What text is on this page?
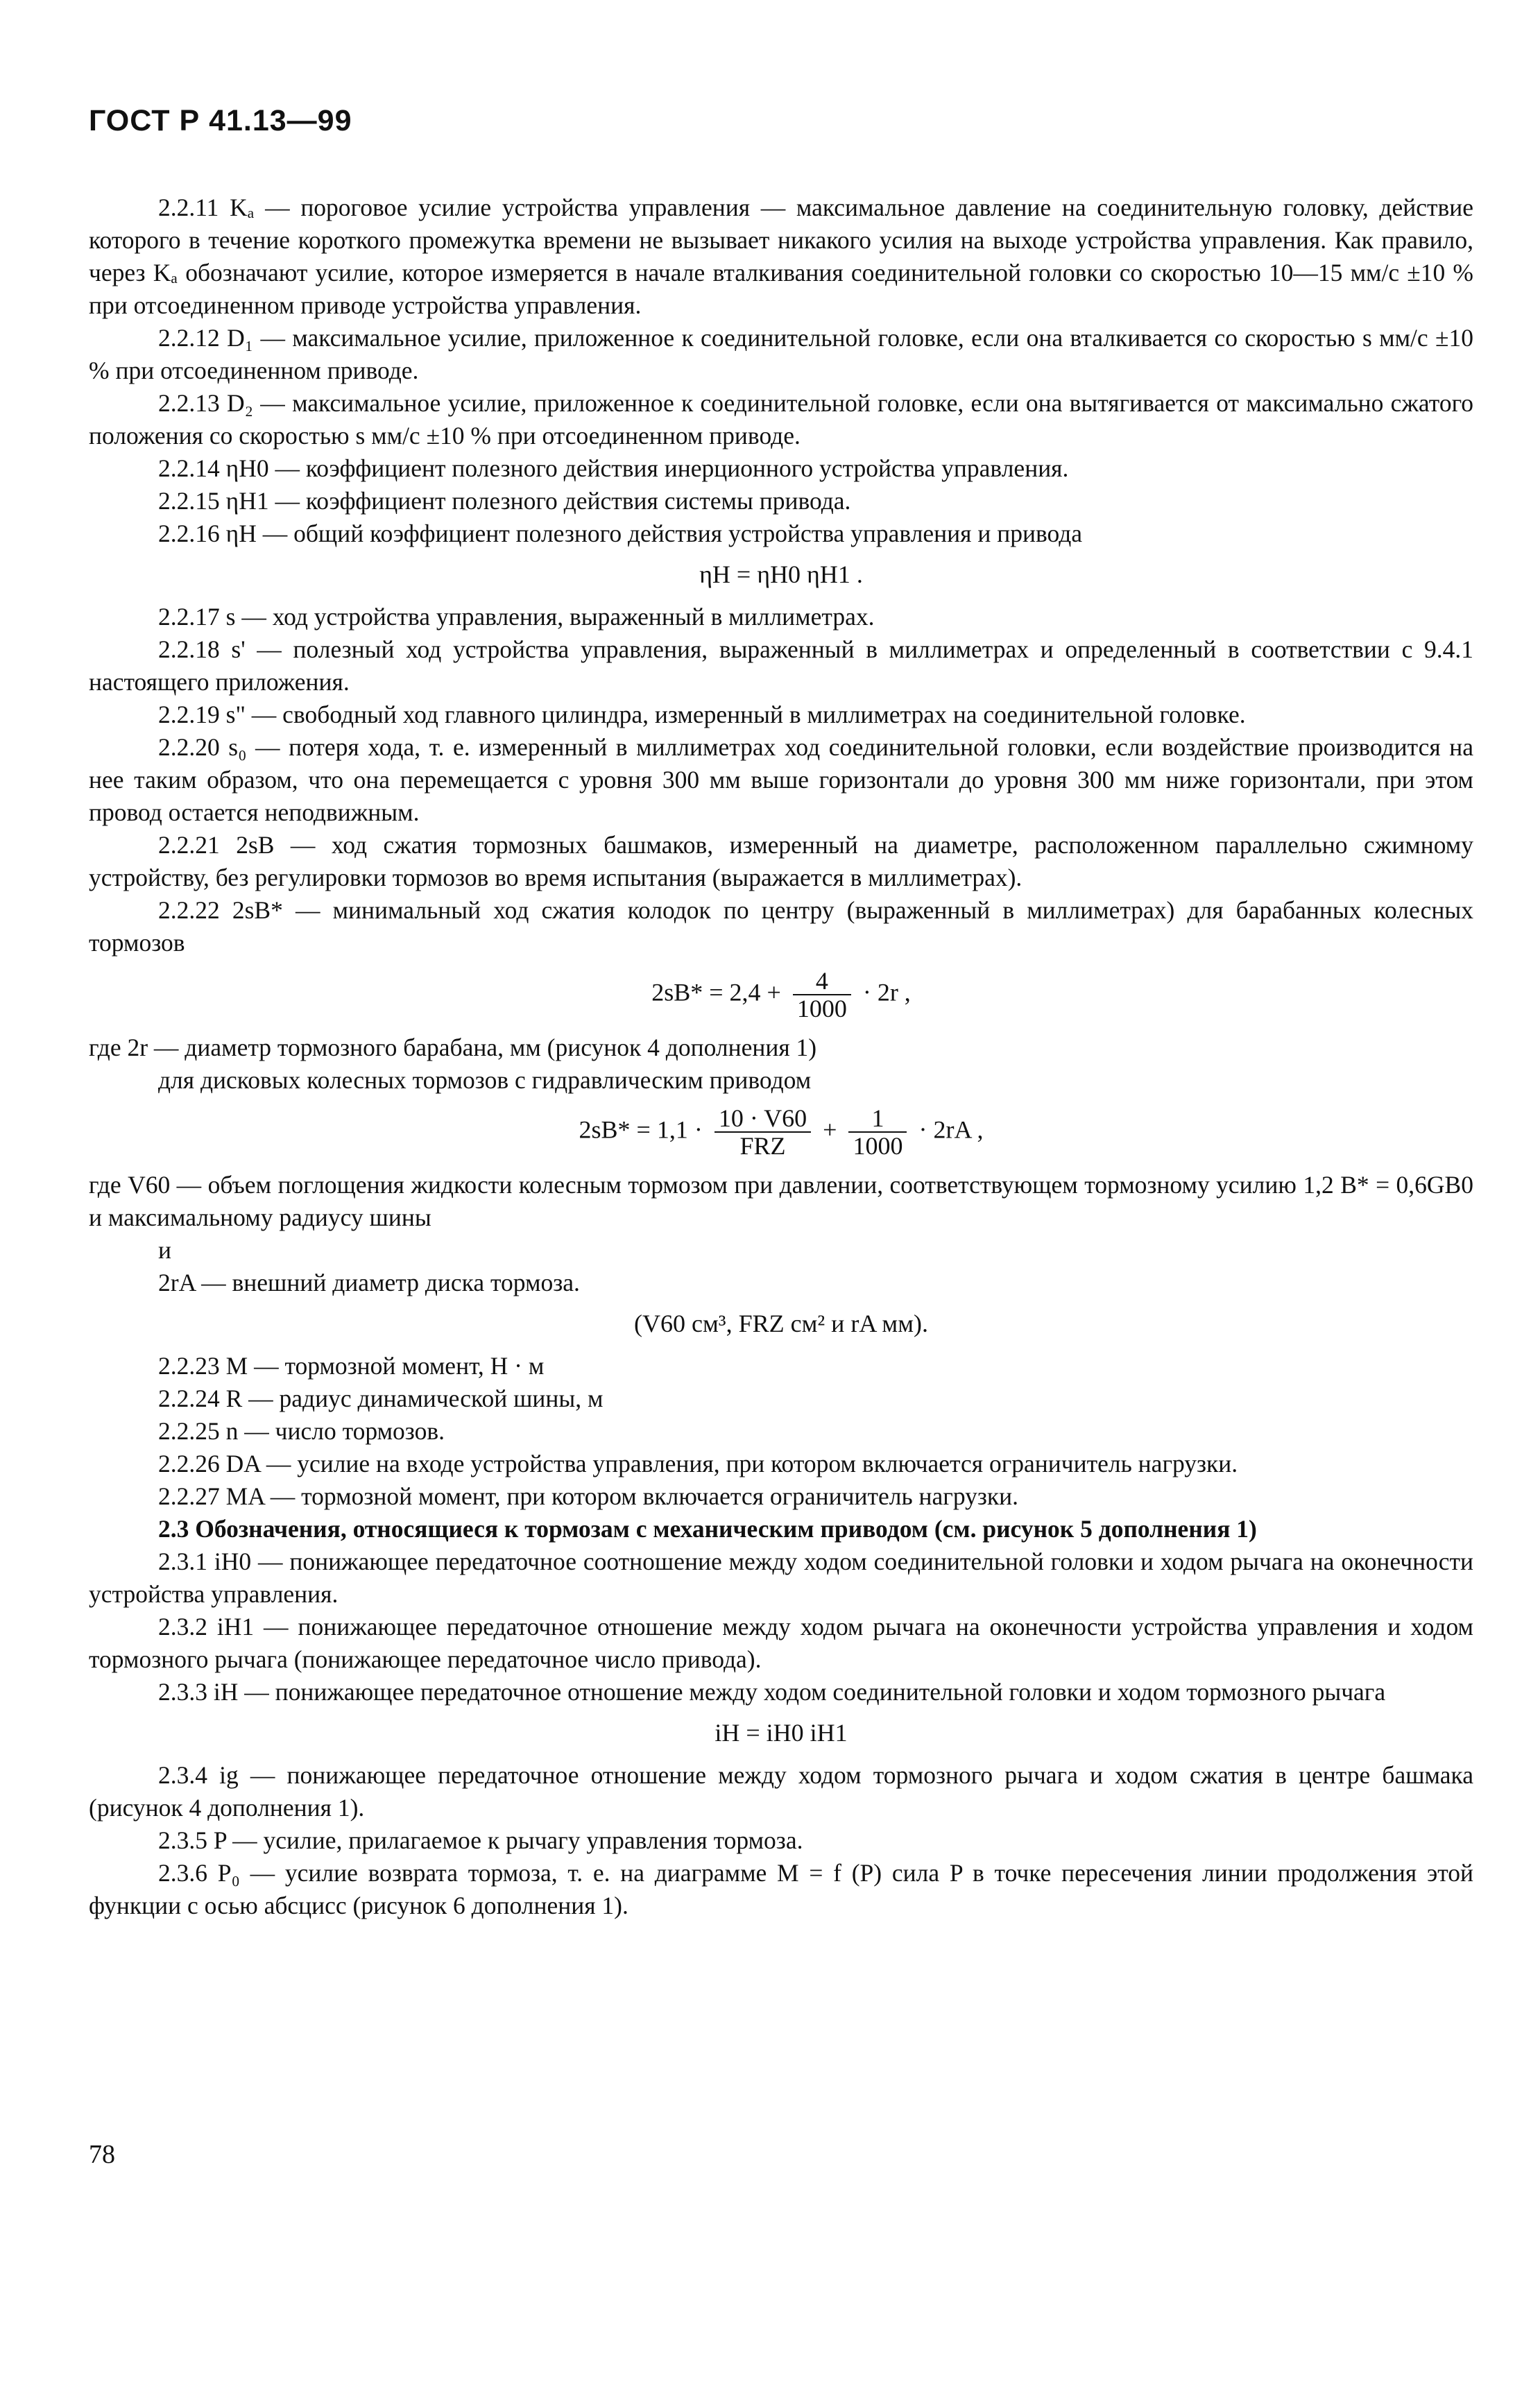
ГОСТ Р 41.13—99

2.2.11 Kₐ — пороговое усилие устройства управления — максимальное давление на соединительную головку, действие которого в течение короткого промежутка времени не вызывает никакого усилия на выходе устройства управления. Как правило, через Kₐ обозначают усилие, которое измеряется в начале вталкивания соединительной головки со скоростью 10—15 мм/с ±10 % при отсоединенном приводе устройства управления.

2.2.12 D₁ — максимальное усилие, приложенное к соединительной головке, если она вталкивается со скоростью s мм/с ±10 % при отсоединенном приводе.

2.2.13 D₂ — максимальное усилие, приложенное к соединительной головке, если она вытягивается от максимально сжатого положения со скоростью s мм/с ±10 % при отсоединенном приводе.

2.2.14 ηH0 — коэффициент полезного действия инерционного устройства управления.

2.2.15 ηH1 — коэффициент полезного действия системы привода.

2.2.16 ηH — общий коэффициент полезного действия устройства управления и привода

ηH = ηH0 ηH1 .

2.2.17 s — ход устройства управления, выраженный в миллиметрах.

2.2.18 s' — полезный ход устройства управления, выраженный в миллиметрах и определенный в соответствии с 9.4.1 настоящего приложения.

2.2.19 s" — свободный ход главного цилиндра, измеренный в миллиметрах на соединительной головке.

2.2.20 s₀ — потеря хода, т. е. измеренный в миллиметрах ход соединительной головки, если воздействие производится на нее таким образом, что она перемещается с уровня 300 мм выше горизонтали до уровня 300 мм ниже горизонтали, при этом провод остается неподвижным.

2.2.21 2sB — ход сжатия тормозных башмаков, измеренный на диаметре, расположенном параллельно сжимному устройству, без регулировки тормозов во время испытания (выражается в миллиметрах).

2.2.22 2sB* — минимальный ход сжатия колодок по центру (выраженный в миллиметрах) для барабанных колесных тормозов

$2sB* = 2,4 + \frac{4}{1000} \cdot 2r$ ,

где 2r — диаметр тормозного барабана, мм (рисунок 4 дополнения 1)

для дисковых колесных тормозов с гидравлическим приводом

$2sB* = 1,1 \cdot \frac{10 \cdot V60}{\text{FRZ}} + \frac{1}{1000} \cdot 2rA$ ,

где V60 — объем поглощения жидкости колесным тормозом при давлении, соответствующем тормозному усилию 1,2 B* = 0,6GB0 и максимальному радиусу шины

и

2rA — внешний диаметр диска тормоза.

(V60 см³, FRZ см² и rA мм).

2.2.23 M — тормозной момент, Н · м

2.2.24 R — радиус динамической шины, м

2.2.25 n — число тормозов.

2.2.26 DA — усилие на входе устройства управления, при котором включается ограничитель нагрузки.

2.2.27 MA — тормозной момент, при котором включается ограничитель нагрузки.

2.3 Обозначения, относящиеся к тормозам с механическим приводом (см. рисунок 5 дополнения 1)

2.3.1 iH0 — понижающее передаточное соотношение между ходом соединительной головки и ходом рычага на оконечности устройства управления.

2.3.2 iH1 — понижающее передаточное отношение между ходом рычага на оконечности устройства управления и ходом тормозного рычага (понижающее передаточное число привода).

2.3.3 iH — понижающее передаточное отношение между ходом соединительной головки и ходом тормозного рычага

iH = iH0 iH1

2.3.4 ig — понижающее передаточное отношение между ходом тормозного рычага и ходом сжатия в центре башмака (рисунок 4 дополнения 1).

2.3.5 P — усилие, прилагаемое к рычагу управления тормоза.

2.3.6 P₀ — усилие возврата тормоза, т. е. на диаграмме M = f (P) сила P в точке пересечения линии продолжения этой функции с осью абсцисс (рисунок 6 дополнения 1).

78
